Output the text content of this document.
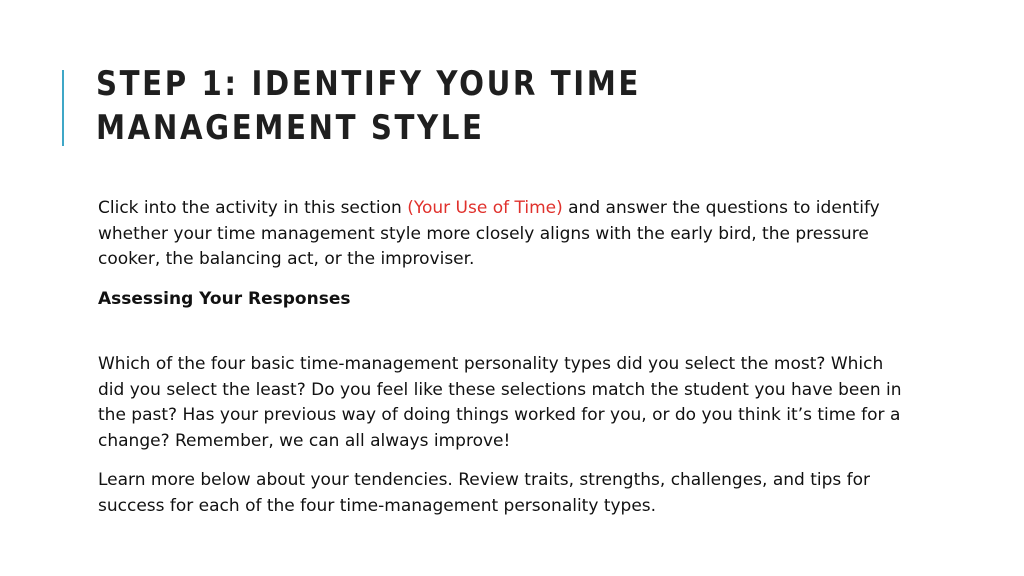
STEP 1: IDENTIFY YOUR TIME MANAGEMENT STYLE

Click into the activity in this section (Your Use of Time) and answer the questions to identify whether your time management style more closely aligns with the early bird, the pressure cooker, the balancing act, or the improviser.

Assessing Your Responses

Which of the four basic time-management personality types did you select the most? Which did you select the least? Do you feel like these selections match the student you have been in the past? Has your previous way of doing things worked for you, or do you think it’s time for a change? Remember, we can all always improve!

Learn more below about your tendencies. Review traits, strengths, challenges, and tips for success for each of the four time-management personality types.
